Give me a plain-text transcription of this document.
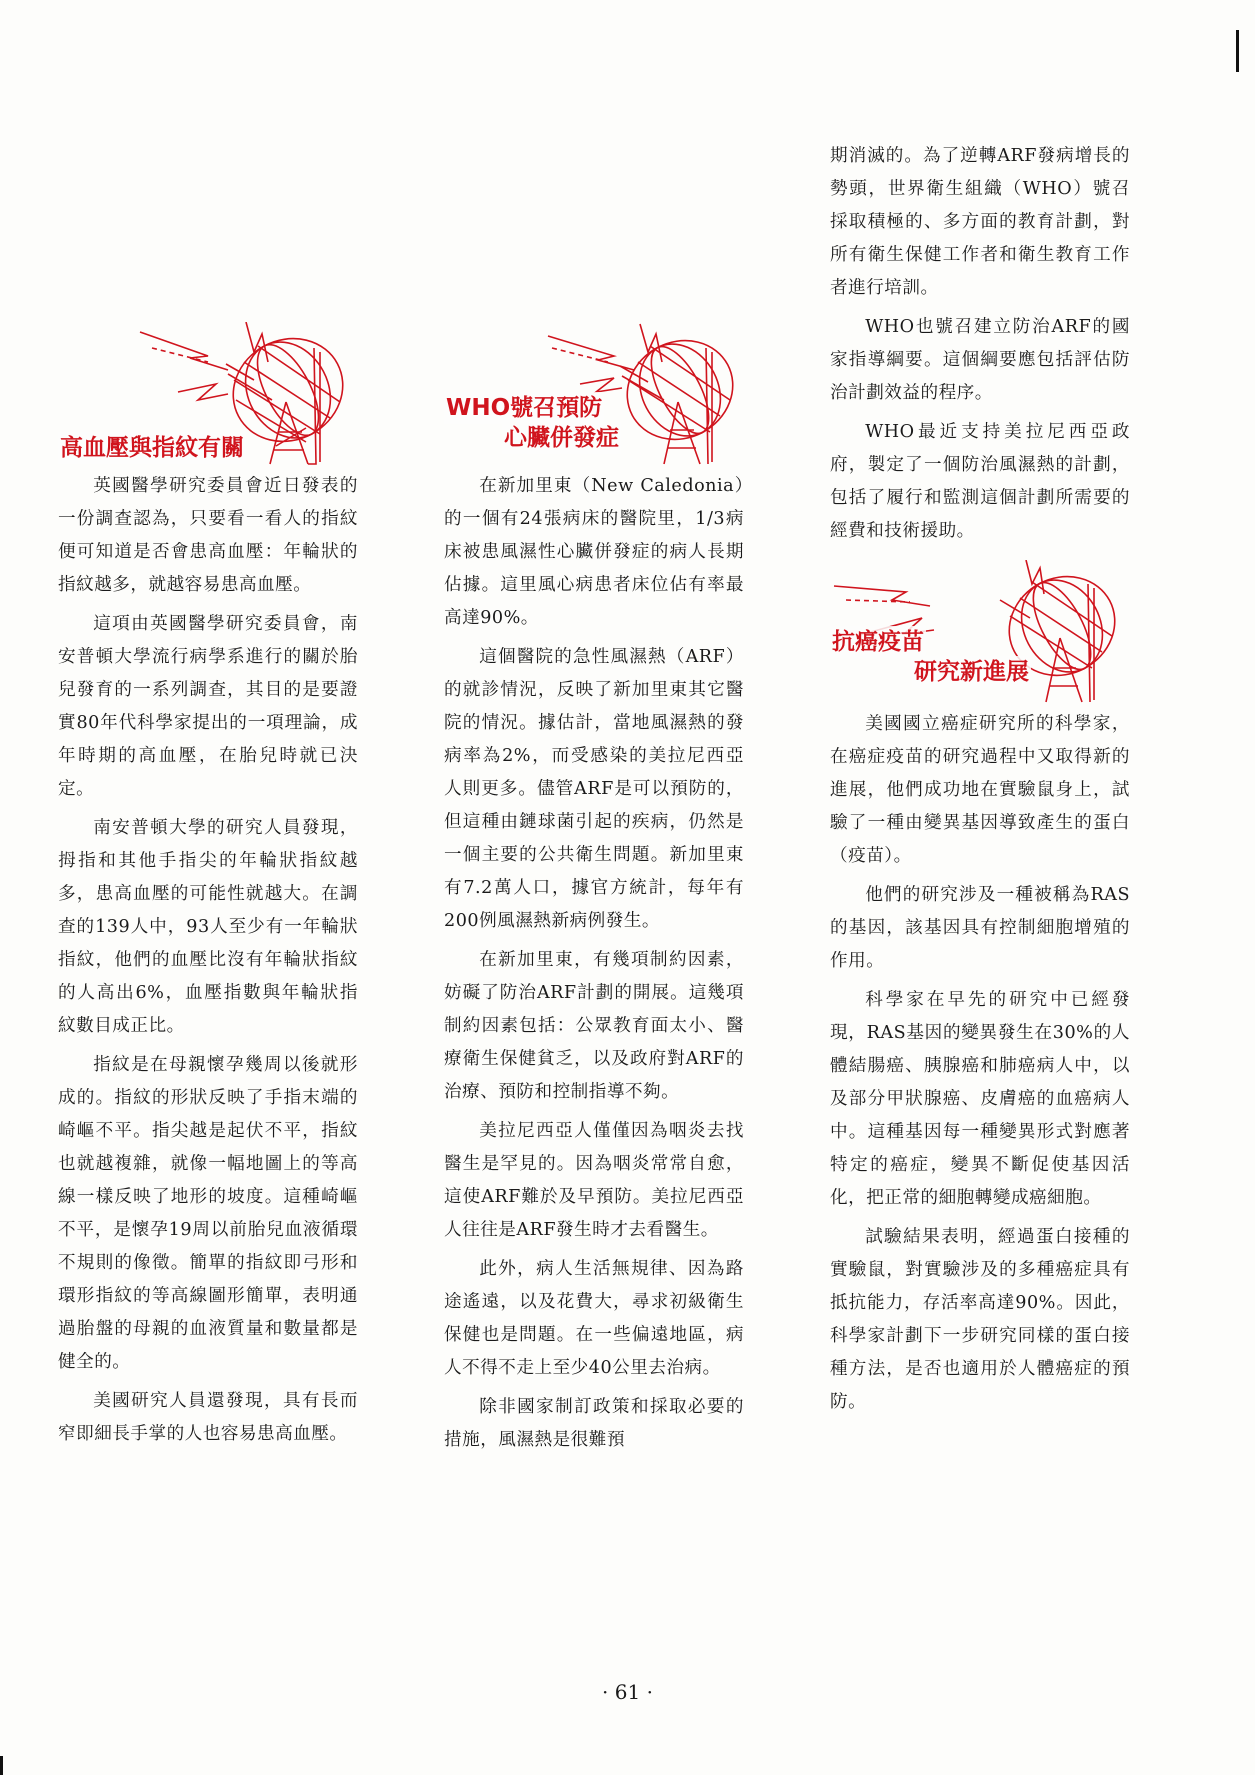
高血壓與指紋有關

英國醫學研究委員會近日發表的一份調查認為，只要看一看人的指紋便可知道是否會患高血壓：年輪狀的指紋越多，就越容易患高血壓。

這項由英國醫學研究委員會，南安普頓大學流行病學系進行的關於胎兒發育的一系列調查，其目的是要證實80年代科學家提出的一項理論，成年時期的高血壓，在胎兒時就已決定。

南安普頓大學的研究人員發現，拇指和其他手指尖的年輪狀指紋越多，患高血壓的可能性就越大。在調查的139人中，93人至少有一年輪狀指紋，他們的血壓比沒有年輪狀指紋的人高出6%，血壓指數與年輪狀指紋數目成正比。

指紋是在母親懷孕幾周以後就形成的。指紋的形狀反映了手指末端的崎嶇不平。指尖越是起伏不平，指紋也就越複雜，就像一幅地圖上的等高線一樣反映了地形的坡度。這種崎嶇不平，是懷孕19周以前胎兒血液循環不規則的像徵。簡單的指紋即弓形和環形指紋的等高線圖形簡單，表明通過胎盤的母親的血液質量和數量都是健全的。

美國研究人員還發現，具有長而窄即細長手掌的人也容易患高血壓。

WHO號召預防
心臟併發症

在新加里東（New Caledonia）的一個有24張病床的醫院里，1/3病床被患風濕性心臟併發症的病人長期佔據。這里風心病患者床位佔有率最高達90%。

這個醫院的急性風濕熱（ARF）的就診情況，反映了新加里東其它醫院的情況。據估計，當地風濕熱的發病率為2%，而受感染的美拉尼西亞人則更多。儘管ARF是可以預防的，但這種由鏈球菌引起的疾病，仍然是一個主要的公共衛生問題。新加里東有7.2萬人口，據官方統計，每年有200例風濕熱新病例發生。

在新加里東，有幾項制約因素，妨礙了防治ARF計劃的開展。這幾項制約因素包括：公眾教育面太小、醫療衛生保健貧乏，以及政府對ARF的治療、預防和控制指導不夠。

美拉尼西亞人僅僅因為咽炎去找醫生是罕見的。因為咽炎常常自愈，這使ARF難於及早預防。美拉尼西亞人往往是ARF發生時才去看醫生。

此外，病人生活無規律、因為路途遙遠，以及花費大，尋求初級衛生保健也是問題。在一些偏遠地區，病人不得不走上至少40公里去治病。

除非國家制訂政策和採取必要的措施，風濕熱是很難預

期消滅的。為了逆轉ARF發病增長的勢頭，世界衛生組織（WHO）號召採取積極的、多方面的教育計劃，對所有衛生保健工作者和衛生教育工作者進行培訓。

WHO也號召建立防治ARF的國家指導綱要。這個綱要應包括評估防治計劃效益的程序。

WHO最近支持美拉尼西亞政府，製定了一個防治風濕熱的計劃，包括了履行和監測這個計劃所需要的經費和技術援助。

抗癌疫苗
研究新進展

美國國立癌症研究所的科學家，在癌症疫苗的研究過程中又取得新的進展，他們成功地在實驗鼠身上，試驗了一種由變異基因導致產生的蛋白（疫苗）。

他們的研究涉及一種被稱為RAS的基因，該基因具有控制細胞增殖的作用。

科學家在早先的研究中已經發現，RAS基因的變異發生在30%的人體結腸癌、胰腺癌和肺癌病人中，以及部分甲狀腺癌、皮膚癌的血癌病人中。這種基因每一種變異形式對應著特定的癌症，變異不斷促使基因活化，把正常的細胞轉變成癌細胞。

試驗結果表明，經過蛋白接種的實驗鼠，對實驗涉及的多種癌症具有抵抗能力，存活率高達90%。因此，科學家計劃下一步研究同樣的蛋白接種方法，是否也適用於人體癌症的預防。

· 61 ·
